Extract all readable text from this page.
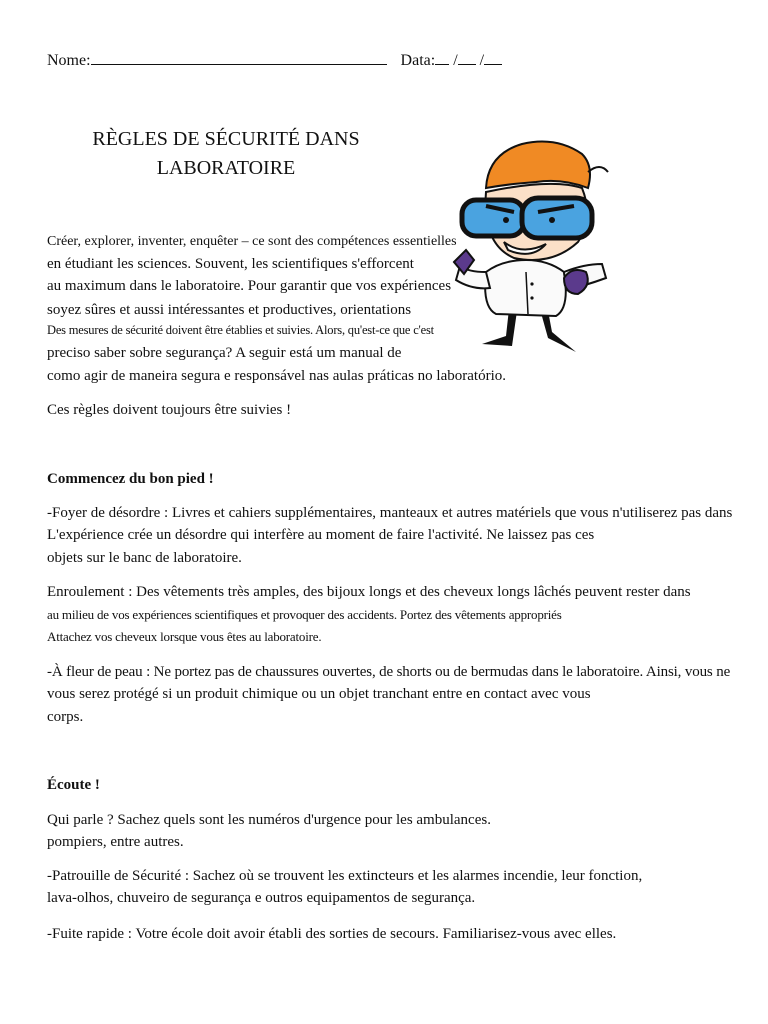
Nome:	Data: / /
RÈGLES DE SÉCURITÉ DANS
LABORATOIRE
Créer, explorer, inventer, enquêter – ce sont des compétences essentielles
en étudiant les sciences. Souvent, les scientifiques s'efforcent
au maximum dans le laboratoire. Pour garantir que vos expériences
soyez sûres et aussi intéressantes et productives, orientations
Des mesures de sécurité doivent être établies et suivies. Alors, qu'est-ce que c'est
preciso saber sobre segurança? A seguir está um manual de
como agir de maneira segura e responsável nas aulas práticas no laboratório.
Ces règles doivent toujours être suivies !
Commencez du bon pied !
-Foyer de désordre : Livres et cahiers supplémentaires, manteaux et autres matériels que vous n'utiliserez pas dans
L'expérience crée un désordre qui interfère au moment de faire l'activité. Ne laissez pas ces
objets sur le banc de laboratoire.
Enroulement : Des vêtements très amples, des bijoux longs et des cheveux longs lâchés peuvent rester dans
au milieu de vos expériences scientifiques et provoquer des accidents. Portez des vêtements appropriés
Attachez vos cheveux lorsque vous êtes au laboratoire.
-À fleur de peau : Ne portez pas de chaussures ouvertes, de shorts ou de bermudas dans le laboratoire. Ainsi, vous ne
vous serez protégé si un produit chimique ou un objet tranchant entre en contact avec vous
corps.
Écoute !
Qui parle ? Sachez quels sont les numéros d'urgence pour les ambulances.
pompiers, entre autres.
-Patrouille de Sécurité : Sachez où se trouvent les extincteurs et les alarmes incendie, leur fonction,
lava-olhos, chuveiro de segurança e outros equipamentos de segurança.
-Fuite rapide : Votre école doit avoir établi des sorties de secours. Familiarisez-vous avec elles.
